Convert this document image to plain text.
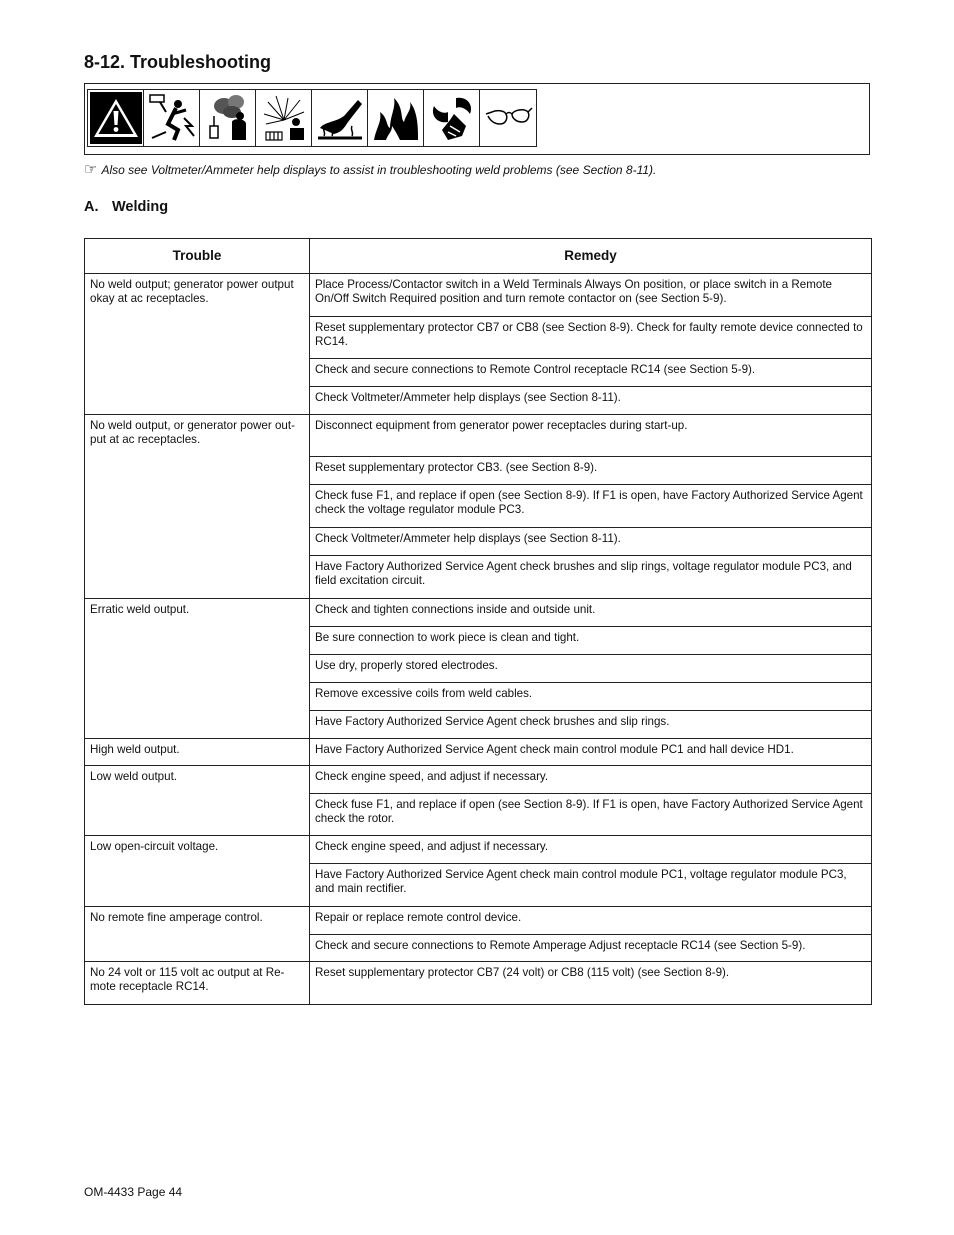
8-12. Troubleshooting
☞ Also see Voltmeter/Ammeter help displays to assist in troubleshooting weld problems (see Section 8-11).
A. Welding
Trouble	Remedy
No weld output; generator power output okay at ac receptacles.	Place Process/Contactor switch in a Weld Terminals Always On position, or place switch in a Remote On/Off Switch Required position and turn remote contactor on (see Section 5-9).
	Reset supplementary protector CB7 or CB8 (see Section 8-9). Check for faulty remote device connected to RC14.
	Check and secure connections to Remote Control receptacle RC14 (see Section 5-9).
	Check Voltmeter/Ammeter help displays (see Section 8-11).
No weld output, or generator power out-put at ac receptacles.	Disconnect equipment from generator power receptacles during start-up.
	Reset supplementary protector CB3. (see Section 8-9).
	Check fuse F1, and replace if open (see Section 8-9). If F1 is open, have Factory Authorized Service Agent check the voltage regulator module PC3.
	Check Voltmeter/Ammeter help displays (see Section 8-11).
	Have Factory Authorized Service Agent check brushes and slip rings, voltage regulator module PC3, and field excitation circuit.
Erratic weld output.	Check and tighten connections inside and outside unit.
	Be sure connection to work piece is clean and tight.
	Use dry, properly stored electrodes.
	Remove excessive coils from weld cables.
	Have Factory Authorized Service Agent check brushes and slip rings.
High weld output.	Have Factory Authorized Service Agent check main control module PC1 and hall device HD1.
Low weld output.	Check engine speed, and adjust if necessary.
	Check fuse F1, and replace if open (see Section 8-9). If F1 is open, have Factory Authorized Service Agent check the rotor.
Low open-circuit voltage.	Check engine speed, and adjust if necessary.
	Have Factory Authorized Service Agent check main control module PC1, voltage regulator module PC3, and main rectifier.
No remote fine amperage control.	Repair or replace remote control device.
	Check and secure connections to Remote Amperage Adjust receptacle RC14 (see Section 5-9).
No 24 volt or 115 volt ac output at Re-mote receptacle RC14.	Reset supplementary protector CB7 (24 volt) or CB8 (115 volt) (see Section 8-9).
OM-4433 Page 44
